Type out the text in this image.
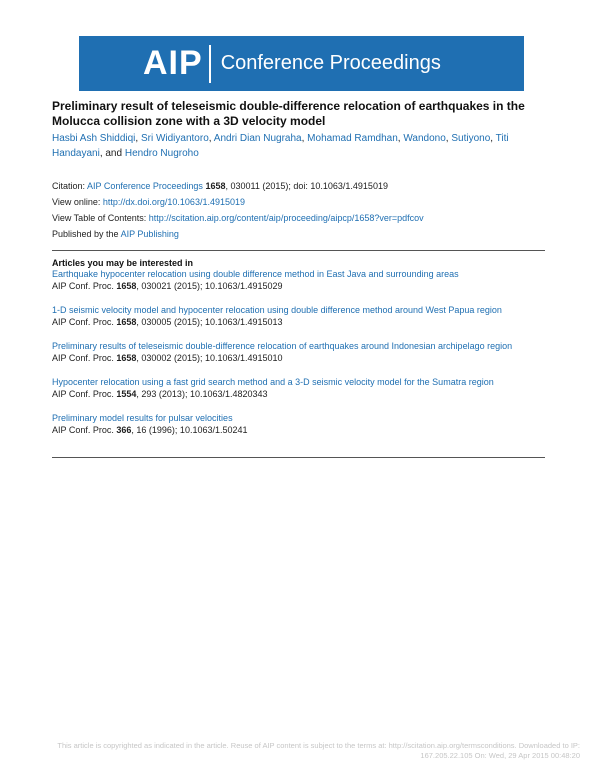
AIP Conference Proceedings
Preliminary result of teleseismic double-difference relocation of earthquakes in the Molucca collision zone with a 3D velocity model
Hasbi Ash Shiddiqi, Sri Widiyantoro, Andri Dian Nugraha, Mohamad Ramdhan, Wandono, Sutiyono, Titi Handayani, and Hendro Nugroho
Citation: AIP Conference Proceedings 1658, 030011 (2015); doi: 10.1063/1.4915019
View online: http://dx.doi.org/10.1063/1.4915019
View Table of Contents: http://scitation.aip.org/content/aip/proceeding/aipcp/1658?ver=pdfcov
Published by the AIP Publishing
Articles you may be interested in
Earthquake hypocenter relocation using double difference method in East Java and surrounding areas
AIP Conf. Proc. 1658, 030021 (2015); 10.1063/1.4915029
1-D seismic velocity model and hypocenter relocation using double difference method around West Papua region
AIP Conf. Proc. 1658, 030005 (2015); 10.1063/1.4915013
Preliminary results of teleseismic double-difference relocation of earthquakes around Indonesian archipelago region
AIP Conf. Proc. 1658, 030002 (2015); 10.1063/1.4915010
Hypocenter relocation using a fast grid search method and a 3-D seismic velocity model for the Sumatra region
AIP Conf. Proc. 1554, 293 (2013); 10.1063/1.4820343
Preliminary model results for pulsar velocities
AIP Conf. Proc. 366, 16 (1996); 10.1063/1.50241
This article is copyrighted as indicated in the article. Reuse of AIP content is subject to the terms at: http://scitation.aip.org/termsconditions. Downloaded to IP:
167.205.22.105 On: Wed, 29 Apr 2015 00:48:20
